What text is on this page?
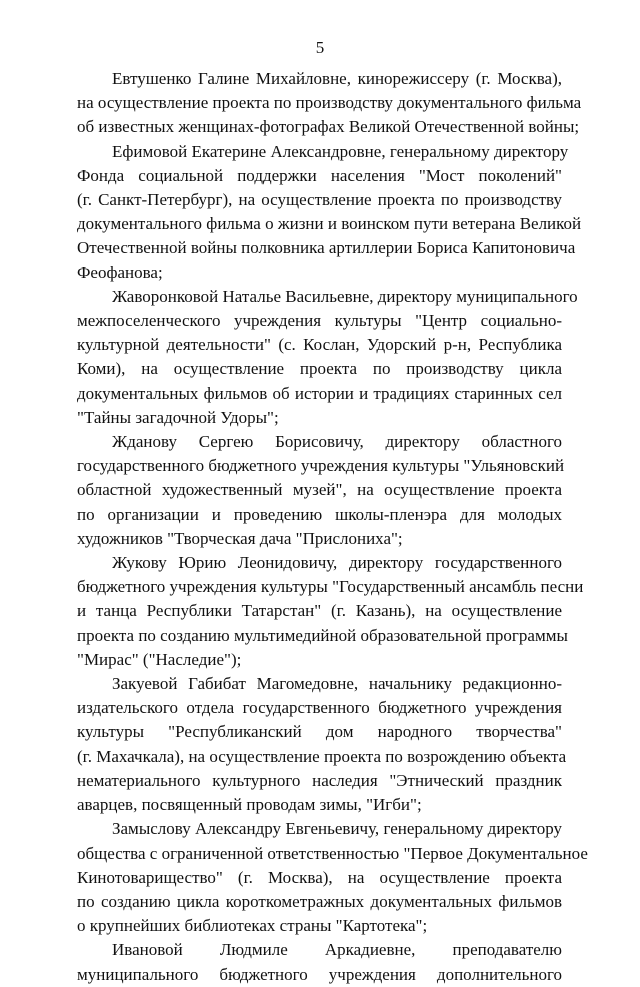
5
Евтушенко Галине Михайловне, кинорежиссеру (г. Москва),
на осуществление проекта по производству документального фильма
об известных женщинах-фотографах Великой Отечественной войны;
Ефимовой Екатерине Александровне, генеральному директору
Фонда социальной поддержки населения "Мост поколений"
(г. Санкт-Петербург), на осуществление проекта по производству
документального фильма о жизни и воинском пути ветерана Великой
Отечественной войны полковника артиллерии Бориса Капитоновича
Феофанова;
Жаворонковой Наталье Васильевне, директору муниципального
межпоселенческого учреждения культуры "Центр социально-
культурной деятельности" (с. Кослан, Удорский р-н, Республика
Коми), на осуществление проекта по производству цикла
документальных фильмов об истории и традициях старинных сел
"Тайны загадочной Удоры";
Жданову Сергею Борисовичу, директору областного
государственного бюджетного учреждения культуры "Ульяновский
областной художественный музей", на осуществление проекта
по организации и проведению школы-пленэра для молодых
художников "Творческая дача "Прислониха";
Жукову Юрию Леонидовичу, директору государственного
бюджетного учреждения культуры "Государственный ансамбль песни
и танца Республики Татарстан" (г. Казань), на осуществление
проекта по созданию мультимедийной образовательной программы
"Мирас" ("Наследие");
Закуевой Габибат Магомедовне, начальнику редакционно-
издательского отдела государственного бюджетного учреждения
культуры "Республиканский дом народного творчества"
(г. Махачкала), на осуществление проекта по возрождению объекта
нематериального культурного наследия "Этнический праздник
аварцев, посвященный проводам зимы, "Игби";
Замыслову Александру Евгеньевичу, генеральному директору
общества с ограниченной ответственностью "Первое Документальное
Кинотоварищество" (г. Москва), на осуществление проекта
по созданию цикла короткометражных документальных фильмов
о крупнейших библиотеках страны "Картотека";
Ивановой Людмиле Аркадиевне, преподавателю
муниципального бюджетного учреждения дополнительного
